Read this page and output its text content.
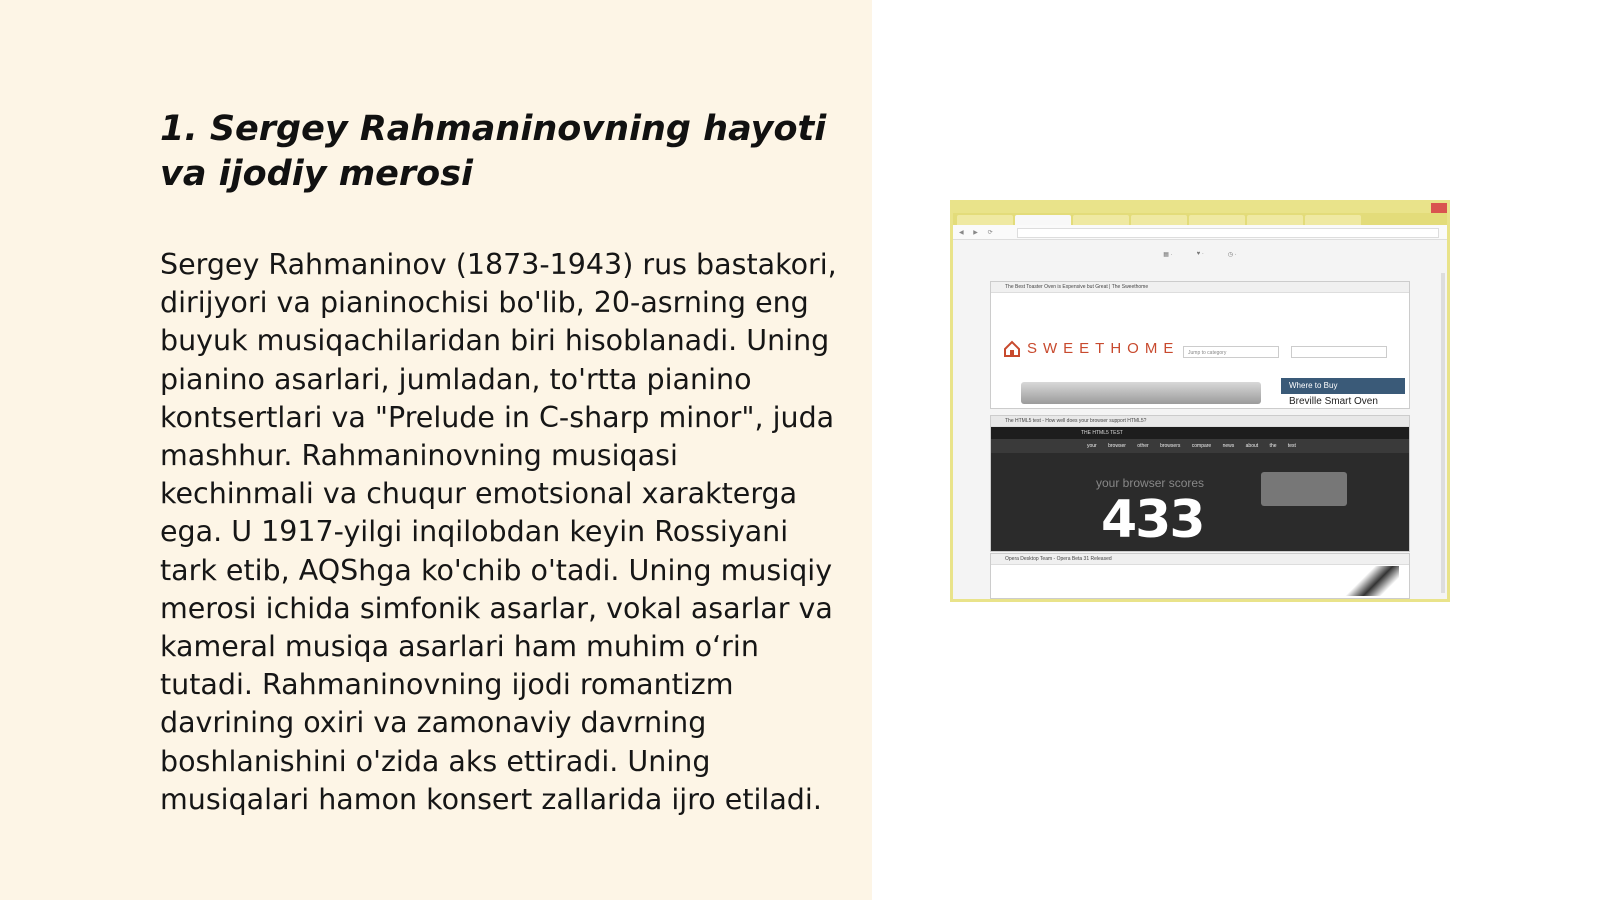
1. Sergey Rahmaninovning hayoti va ijodiy merosi

Sergey Rahmaninov (1873-1943) rus bastakori, dirijyori va pianinochisi bo'lib, 20-asrning eng buyuk musiqachilaridan biri hisoblanadi. Uning pianino asarlari, jumladan, to'rtta pianino kontsertlari va "Prelude in C-sharp minor", juda mashhur. Rahmaninovning musiqasi kechinmali va chuqur emotsional xarakterga ega. U 1917-yilgi inqilobdan keyin Rossiyani tark etib, AQShga ko'chib o'tadi. Uning musiqiy merosi ichida simfonik asarlar, vokal asarlar va kameral musiqa asarlari ham muhim oʻrin tutadi. Rahmaninovning ijodi romantizm davrining oxiri va zamonaviy davrning boshlanishini o'zida aks ettiradi. Uning musiqalari hamon konsert zallarida ijro etiladi.

◀ ▶ ⟳
▦ ·	♥ ·	◷ ·
The Best Toaster Oven is Expensive but Great | The Sweethome
SWEETHOME	Jump to category
Where to Buy
Breville Smart Oven
The HTML5 test - How well does your browser support HTML5?
THE HTML5 TEST
your browser other browsers compare news about the test
your browser scores
433
Opera Desktop Team - Opera Beta 31 Released
